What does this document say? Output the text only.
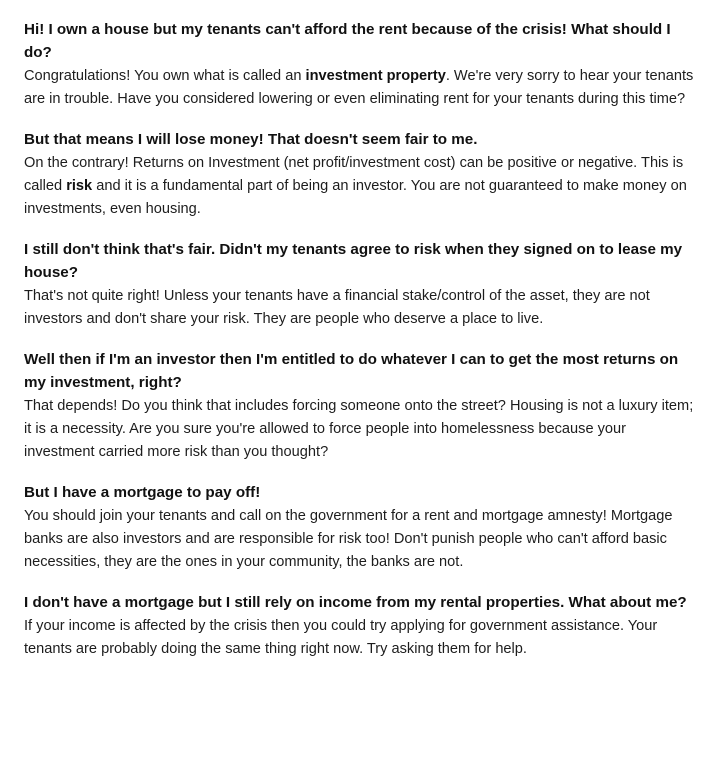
Hi! I own a house but my tenants can't afford the rent because of the crisis! What should I do?

Congratulations! You own what is called an investment property. We're very sorry to hear your tenants are in trouble. Have you considered lowering or even eliminating rent for your tenants during this time?

But that means I will lose money! That doesn't seem fair to me.

On the contrary! Returns on Investment (net profit/investment cost) can be positive or negative. This is called risk and it is a fundamental part of being an investor. You are not guaranteed to make money on investments, even housing.

I still don't think that's fair. Didn't my tenants agree to risk when they signed on to lease my house?

That's not quite right! Unless your tenants have a financial stake/control of the asset, they are not investors and don't share your risk. They are people who deserve a place to live.

Well then if I'm an investor then I'm entitled to do whatever I can to get the most returns on my investment, right?

That depends! Do you think that includes forcing someone onto the street? Housing is not a luxury item; it is a necessity. Are you sure you're allowed to force people into homelessness because your investment carried more risk than you thought?

But I have a mortgage to pay off!

You should join your tenants and call on the government for a rent and mortgage amnesty! Mortgage banks are also investors and are responsible for risk too! Don't punish people who can't afford basic necessities, they are the ones in your community, the banks are not.

I don't have a mortgage but I still rely on income from my rental properties. What about me?

If your income is affected by the crisis then you could try applying for government assistance. Your tenants are probably doing the same thing right now. Try asking them for help.
